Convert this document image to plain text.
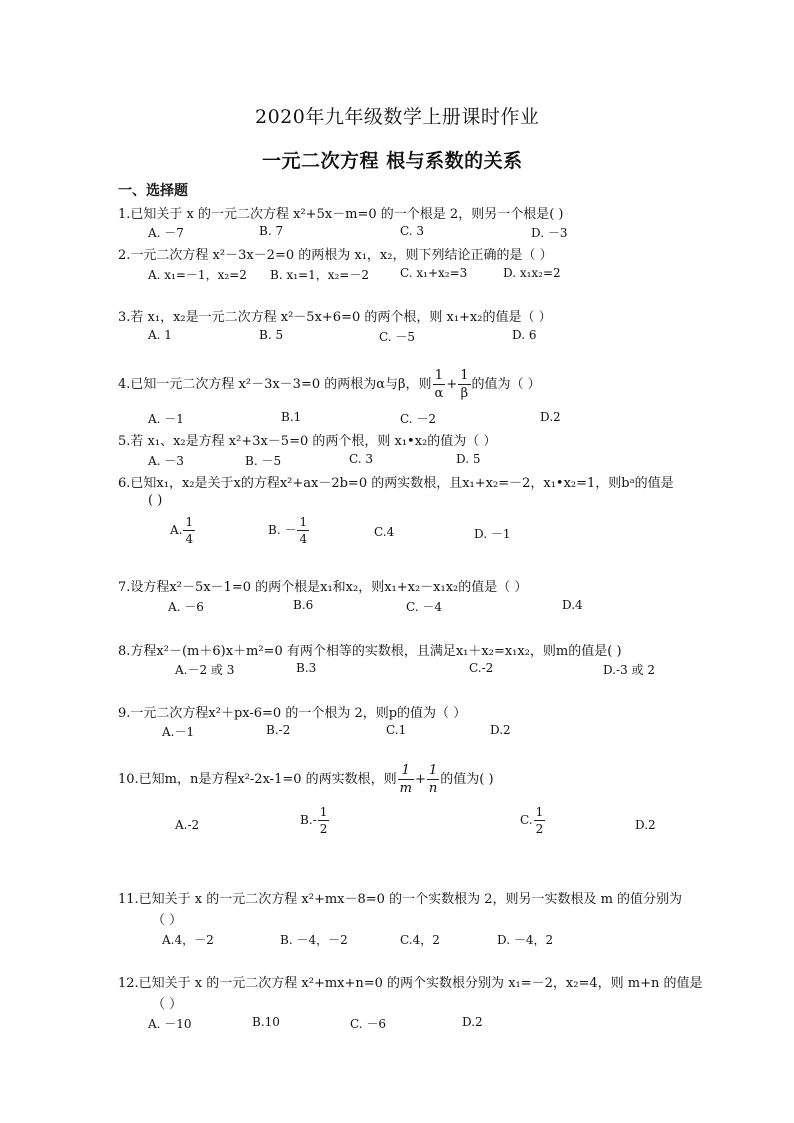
2020年九年级数学上册课时作业
一元二次方程 根与系数的关系
一、选择题
1.已知关于 x 的一元二次方程 x²+5x－m=0 的一个根是 2，则另一个根是( )
A. －7	B. 7	C. 3	D. －3
2.一元二次方程 x²－3x－2=0 的两根为 x₁，x₂，则下列结论正确的是（ ）
A. x₁=－1，x₂=2 B. x₁=1，x₂=－2	C. x₁+x₂=3	D. x₁x₂=2
3.若 x₁，x₂是一元二次方程 x²－5x+6=0 的两个根，则 x₁+x₂的值是（ ）
A. 1	B. 5	C. －5	D. 6
4.已知一元二次方程 x²－3x－3=0 的两根为α与β，则 $\frac{1}{\alpha} + \frac{1}{\beta}$ 的值为（ ）
A. －1	B.1	C. －2	D.2
5.若 x₁、x₂是方程 x²+3x－5=0 的两个根，则 x₁•x₂的值为（ ）
A. －3	B. －5	C. 3	D. 5
6.已知x₁，x₂是关于x的方程x²+ax－2b=0 的两实数根，且x₁+x₂=－2，x₁•x₂=1，则bᵃ的值是
( )
A. $\frac{1}{4}$	B. － $\frac{1}{4}$	C.4	D. －1
7.设方程x²－5x－1=0 的两个根是x₁和x₂，则x₁+x₂－x₁x₂的值是（ ）
A. －6	B.6	C. －4	D.4
8.方程x²－(m＋6)x＋m²=0 有两个相等的实数根，且满足x₁＋x₂=x₁x₂，则m的值是( )
A.－2 或 3	B.3	C.-2	D.-3 或 2
9.一元二次方程x²＋px-6=0 的一个根为 2，则p的值为（ ）
A.－1	B.-2	C.1	D.2
10.已知m，n是方程x²-2x-1=0 的两实数根，则 $\frac{1}{m} + \frac{1}{n}$ 的值为( )
A.-2	$B.- \frac{1}{2}$	C. $\frac{1}{2}$	D.2
11.已知关于 x 的一元二次方程 x²+mx－8=0 的一个实数根为 2，则另一实数根及 m 的值分别为
（ ）
A.4，－2	B. －4，－2	C.4，2	D. －4，2
12.已知关于 x 的一元二次方程 x²+mx+n=0 的两个实数根分别为 x₁=－2，x₂=4，则 m+n 的值是
（ ）
A. －10	B.10	C. －6	D.2
